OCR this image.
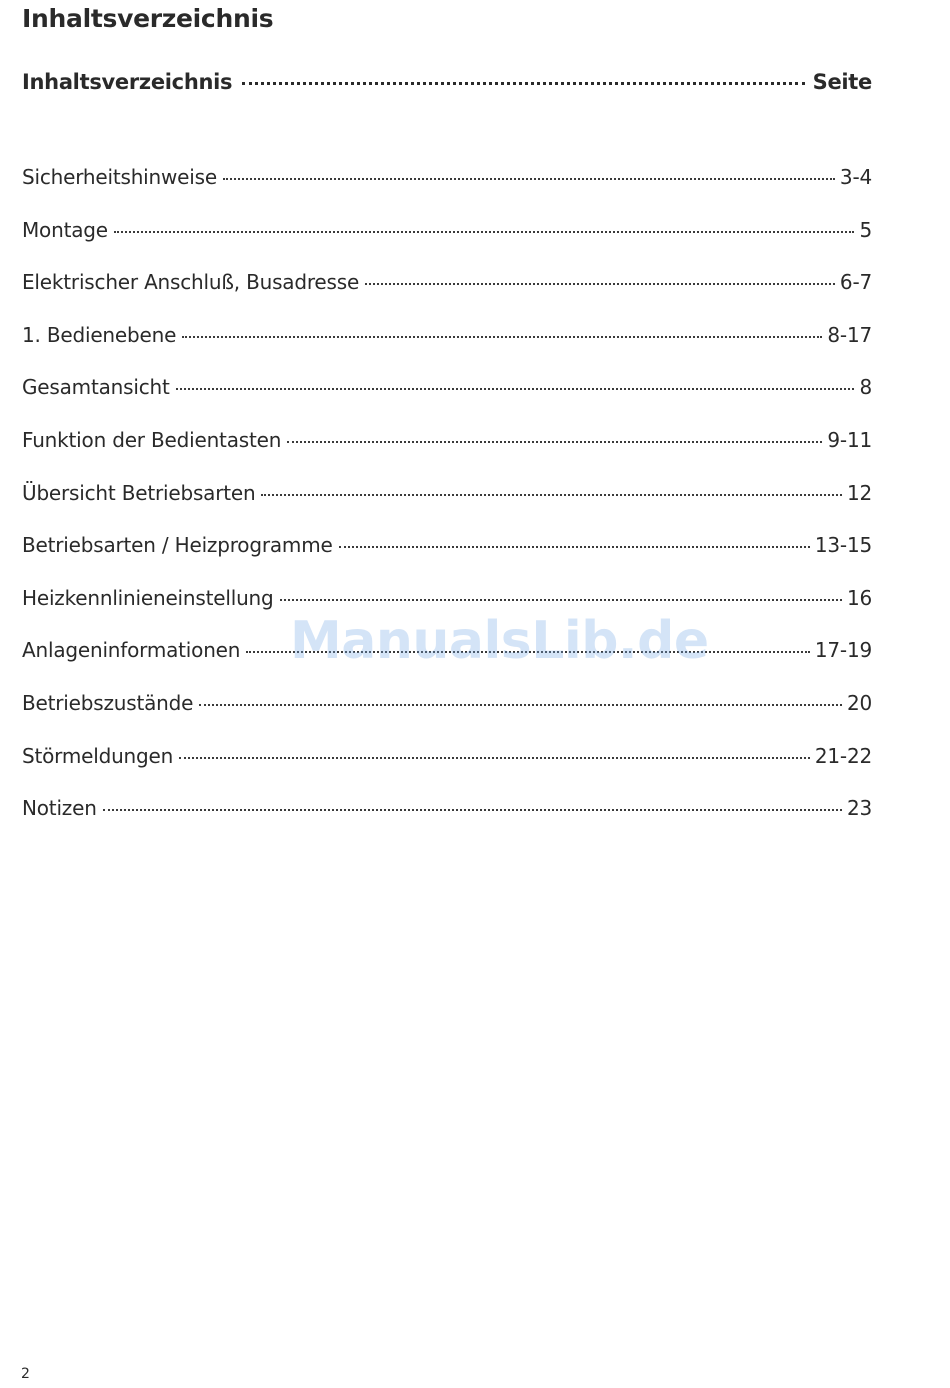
Inhaltsverzeichnis
Inhaltsverzeichnis	Seite
Sicherheitshinweise	3-4
Montage	5
Elektrischer Anschluß, Busadresse	6-7
1. Bedienebene	8-17
Gesamtansicht	8
Funktion der Bedientasten	9-11
Übersicht Betriebsarten	12
Betriebsarten / Heizprogramme	13-15
Heizkennlinieneinstellung	16
Anlageninformationen	17-19
Betriebszustände	20
Störmeldungen	21-22
Notizen	23
ManualsLib.de
2
